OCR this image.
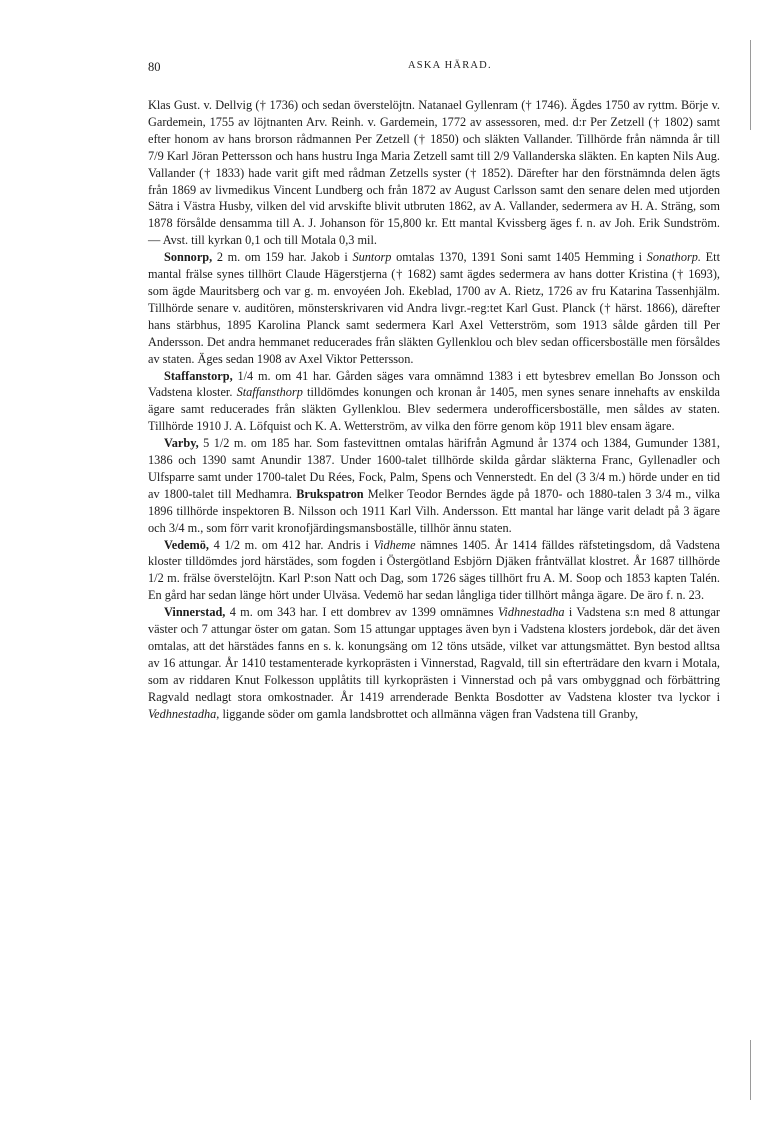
80	ASKA HÄRAD.

Klas Gust. v. Dellvig († 1736) och sedan överstelöjtn. Natanael Gyllenram († 1746). Ägdes 1750 av ryttm. Börje v. Gardemein, 1755 av löjtnanten Arv. Reinh. v. Gardemein, 1772 av assessoren, med. d:r Per Zetzell († 1802) samt efter honom av hans brorson rådmannen Per Zetzell († 1850) och släkten Vallander. Tillhörde från nämnda år till 7/9 Karl Jöran Pettersson och hans hustru Inga Maria Zetzell samt till 2/9 Vallanderska släkten. En kapten Nils Aug. Vallander († 1833) hade varit gift med rådman Zetzells syster († 1852). Därefter har den förstnämnda delen ägts från 1869 av livmedikus Vincent Lundberg och från 1872 av August Carlsson samt den senare delen med utjorden Sätra i Västra Husby, vilken del vid arvskifte blivit utbruten 1862, av A. Vallander, sedermera av H. A. Sträng, som 1878 försålde densamma till A. J. Johanson för 15,800 kr. Ett mantal Kvissberg äges f. n. av Joh. Erik Sundström. — Avst. till kyrkan 0,1 och till Motala 0,3 mil.

Sonnorp, 2 m. om 159 har. Jakob i Suntorp omtalas 1370, 1391 Soni samt 1405 Hemming i Sonathorp. Ett mantal frälse synes tillhört Claude Hägerstjerna († 1682) samt ägdes sedermera av hans dotter Kristina († 1693), som ägde Mauritsberg och var g. m. envoyéen Joh. Ekeblad, 1700 av A. Rietz, 1726 av fru Katarina Tassenhjälm. Tillhörde senare v. auditören, mönsterskrivaren vid Andra livgr.-reg:tet Karl Gust. Planck († härst. 1866), därefter hans stärbhus, 1895 Karolina Planck samt sedermera Karl Axel Vetterström, som 1913 sålde gården till Per Andersson. Det andra hemmanet reducerades från släkten Gyllenklou och blev sedan officersboställe men försåldes av staten. Äges sedan 1908 av Axel Viktor Pettersson.

Staffanstorp, 1/4 m. om 41 har. Gården säges vara omnämnd 1383 i ett bytesbrev emellan Bo Jonsson och Vadstena kloster. Staffansthorp tilldömdes konungen och kronan år 1405, men synes senare innehafts av enskilda ägare samt reducerades från släkten Gyllenklou. Blev sedermera underofficersboställe, men såldes av staten. Tillhörde 1910 J. A. Löfquist och K. A. Wetterström, av vilka den förre genom köp 1911 blev ensam ägare.

Varby, 5 1/2 m. om 185 har. Som fastevittnen omtalas härifrån Agmund år 1374 och 1384, Gumunder 1381, 1386 och 1390 samt Anundir 1387. Under 1600-talet tillhörde skilda gårdar släkterna Franc, Gyllenadler och Ulfsparre samt under 1700-talet Du Rées, Fock, Palm, Spens och Vennerstedt. En del (3 3/4 m.) hörde under en tid av 1800-talet till Medhamra. Brukspatron Melker Teodor Berndes ägde på 1870- och 1880-talen 3 3/4 m., vilka 1896 tillhörde inspektoren B. Nilsson och 1911 Karl Vilh. Andersson. Ett mantal har länge varit deladt på 3 ägare och 3/4 m., som förr varit kronofjärdingsmansboställe, tillhör ännu staten.

Vedemö, 4 1/2 m. om 412 har. Andris i Vidheme nämnes 1405. År 1414 fälldes räfstetingsdom, då Vadstena kloster tilldömdes jord härstädes, som fogden i Östergötland Esbjörn Djäken fråntvällat klostret. År 1687 tillhörde 1/2 m. frälse överstelöjtn. Karl P:son Natt och Dag, som 1726 säges tillhört fru A. M. Soop och 1853 kapten Talén. En gård har sedan länge hört under Ulväsa. Vedemö har sedan långliga tider tillhört många ägare. De äro f. n. 23.

Vinnerstad, 4 m. om 343 har. I ett dombrev av 1399 omnämnes Vidhnestadha i Vadstena s:n med 8 attungar väster och 7 attungar öster om gatan. Som 15 attungar upptages även byn i Vadstena klosters jordebok, där det även omtalas, att det härstädes fanns en s. k. konungsäng om 12 töns utsäde, vilket var attungsmättet. Byn bestod alltsa av 16 attungar. År 1410 testamenterade kyrkoprästen i Vinnerstad, Ragvald, till sin efterträdare den kvarn i Motala, som av riddaren Knut Folkesson upplåtits till kyrkoprästen i Vinnerstad och på vars ombyggnad och förbättring Ragvald nedlagt stora omkostnader. År 1419 arrenderade Benkta Bosdotter av Vadstena kloster tva lyckor i Vedhnestadha, liggande söder om gamla landsbrottet och allmänna vägen fran Vadstena till Granby,
